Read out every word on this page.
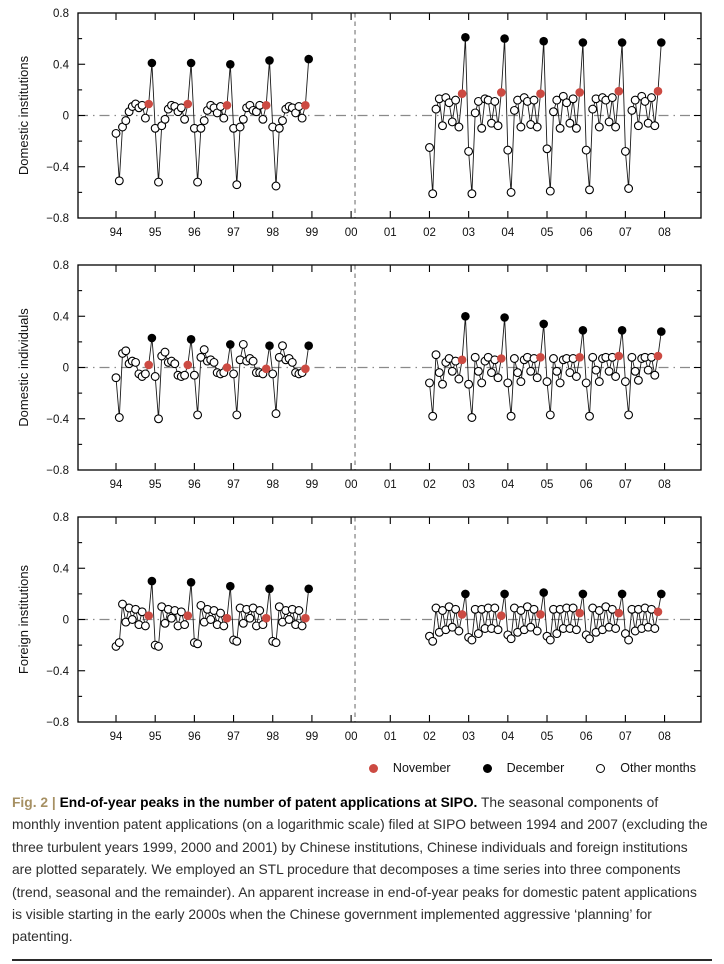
0.8
0.4
0
−0.4
−0.8
94 95 96 97 98 99 00 01 02 03 04 05 06 07 08
Domestic institutions
0.8
0.4
0
−0.4
−0.8
94 95 96 97 98 99 00 01 02 03 04 05 06 07 08
Domestic individuals
0.8
0.4
0
−0.4
−0.8
94 95 96 97 98 99 00 01 02 03 04 05 06 07 08
Foreign institutions
November	December	Other months

Fig. 2 | End-of-year peaks in the number of patent applications at SIPO. The seasonal components of monthly invention patent applications (on a logarithmic scale) filed at SIPO between 1994 and 2007 (excluding the three turbulent years 1999, 2000 and 2001) by Chinese institutions, Chinese individuals and foreign institutions are plotted separately. We employed an STL procedure that decomposes a time series into three components (trend, seasonal and the remainder). An apparent increase in end-of-year peaks for domestic patent applications is visible starting in the early 2000s when the Chinese government implemented aggressive ‘planning’ for patenting.
